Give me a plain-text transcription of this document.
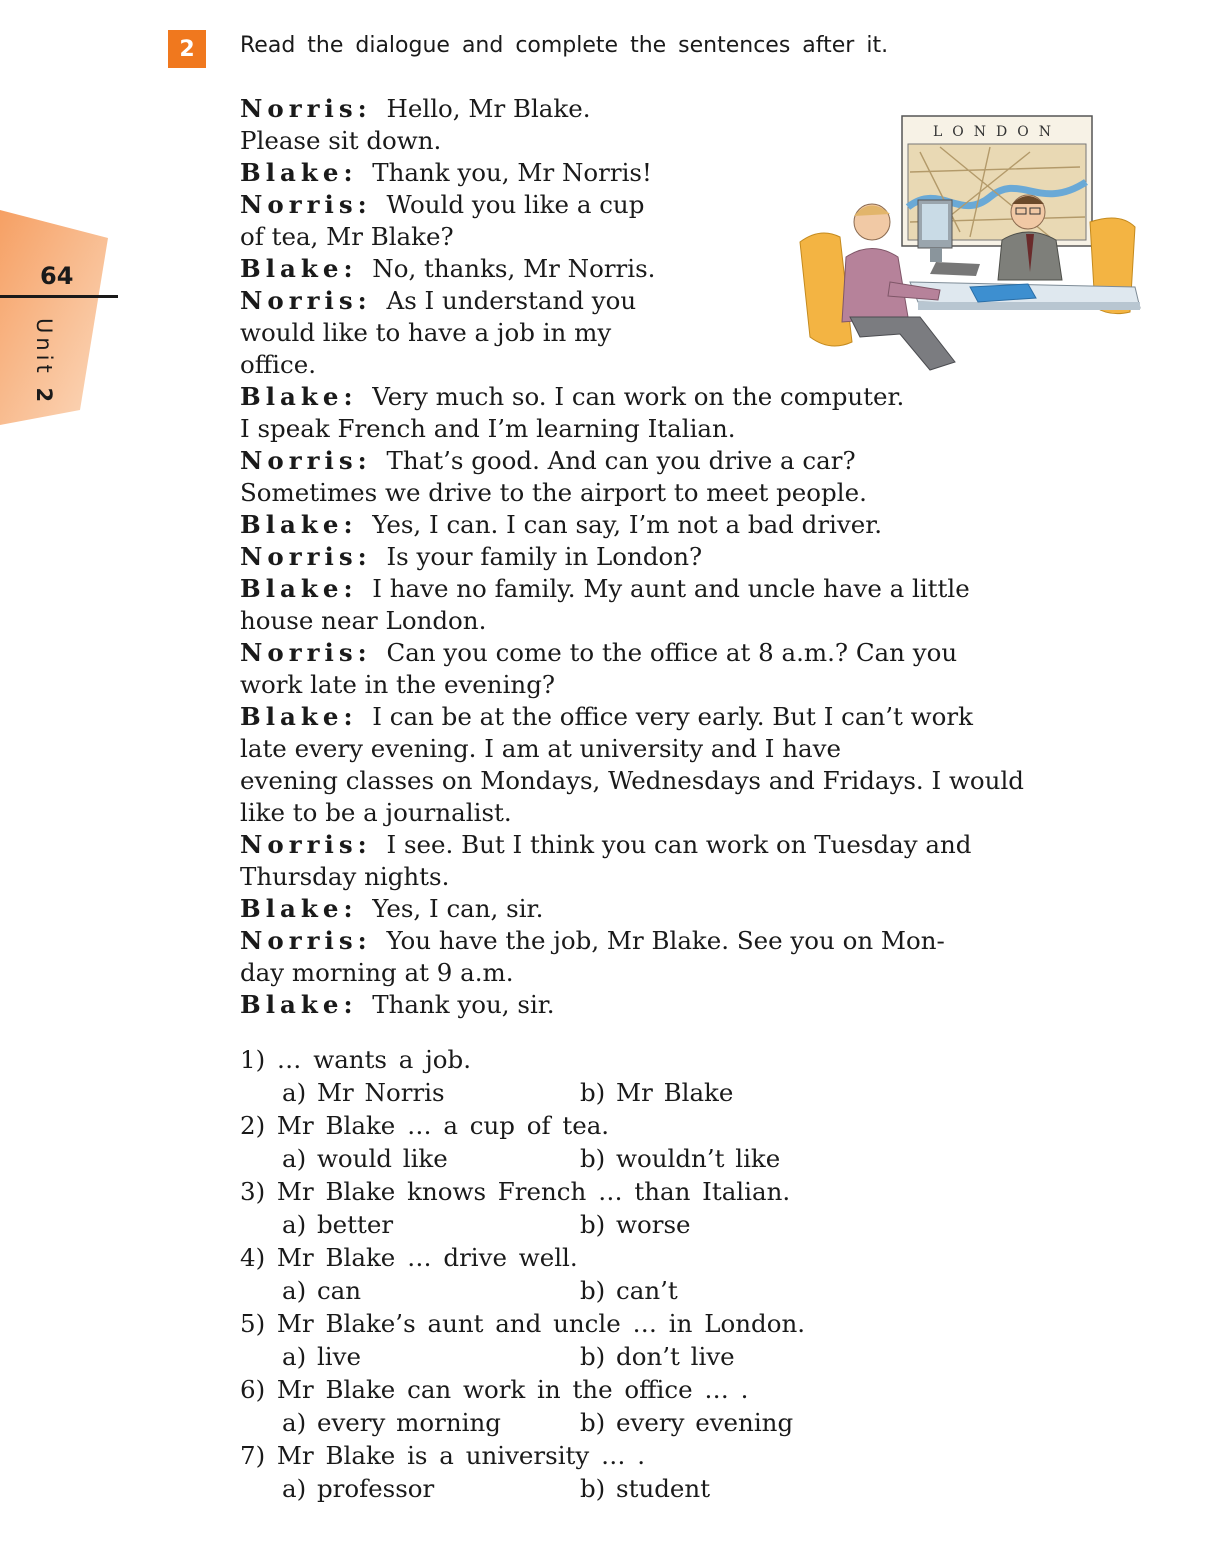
64
Unit 2
2	Read the dialogue and complete the sentences after it.
LONDON
Norris: Hello, Mr Blake.
Please sit down.
Blake: Thank you, Mr Norris!
Norris: Would you like a cup
of tea, Mr Blake?
Blake: No, thanks, Mr Norris.
Norris: As I understand you
would like to have a job in my
office.
Blake: Very much so. I can work on the computer.
I speak French and I’m learning Italian.
Norris: That’s good. And can you drive a car?
Sometimes we drive to the airport to meet people.
Blake: Yes, I can. I can say, I’m not a bad driver.
Norris: Is your family in London?
Blake: I have no family. My aunt and uncle have a little
house near London.
Norris: Can you come to the office at 8 a.m.? Can you
work late in the evening?
Blake: I can be at the office very early. But I can’t work
late every evening. I am at university and I have
evening classes on Mondays, Wednesdays and Fridays. I would
like to be a journalist.
Norris: I see. But I think you can work on Tuesday and
Thursday nights.
Blake: Yes, I can, sir.
Norris: You have the job, Mr Blake. See you on Mon-
day morning at 9 a.m.
Blake: Thank you, sir.
1) … wants a job.
a) Mr Norris	b) Mr Blake
2) Mr Blake … a cup of tea.
a) would like	b) wouldn’t like
3) Mr Blake knows French … than Italian.
a) better	b) worse
4) Mr Blake … drive well.
a) can	b) can’t
5) Mr Blake’s aunt and uncle … in London.
a) live	b) don’t live
6) Mr Blake can work in the office … .
a) every morning	b) every evening
7) Mr Blake is a university … .
a) professor	b) student
